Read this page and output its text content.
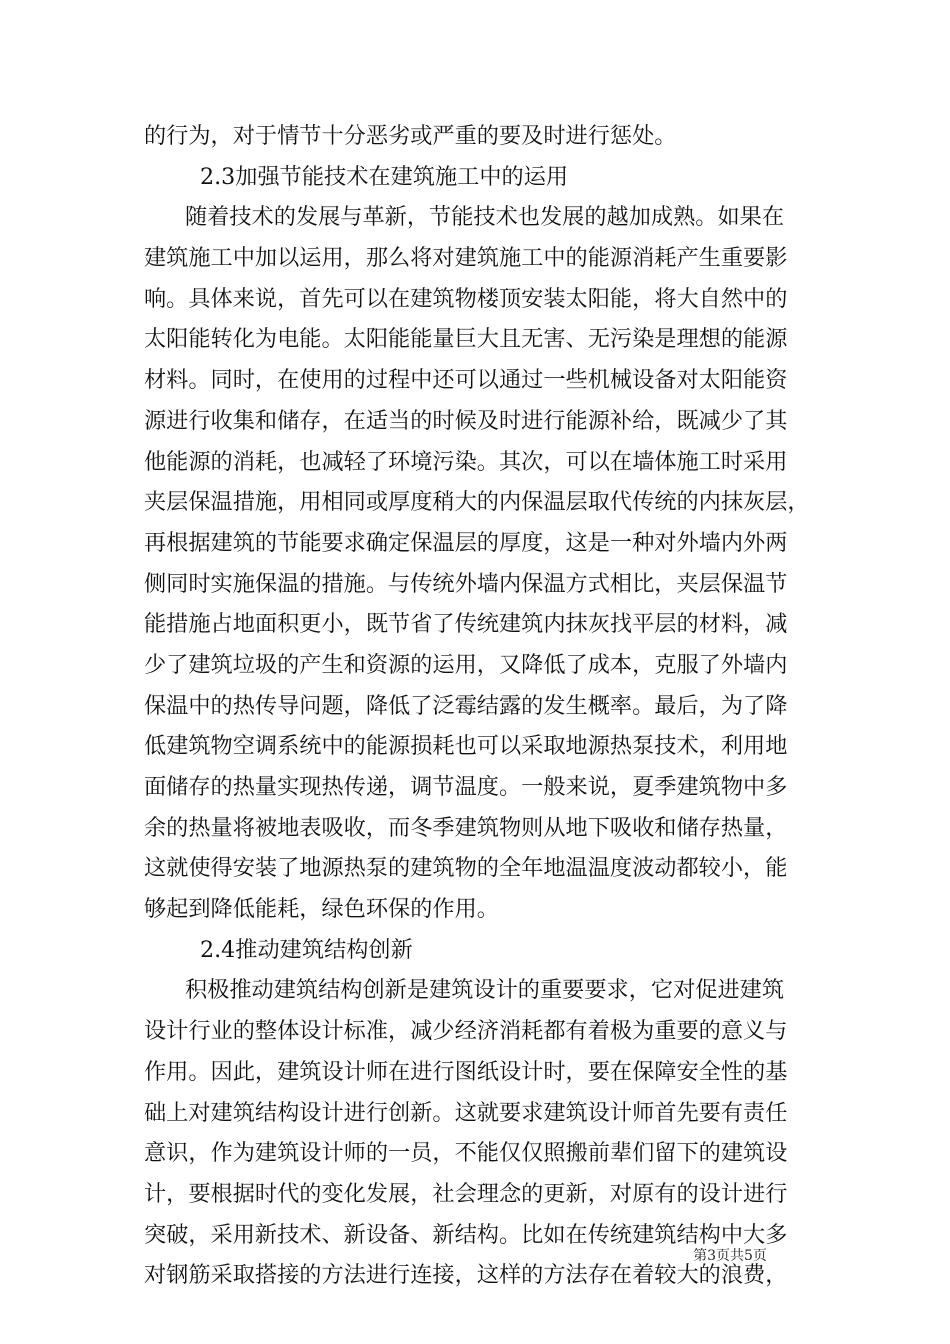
的行为，对于情节十分恶劣或严重的要及时进行惩处。
2.3加强节能技术在建筑施工中的运用
随着技术的发展与革新，节能技术也发展的越加成熟。如果在
建筑施工中加以运用，那么将对建筑施工中的能源消耗产生重要影
响。具体来说，首先可以在建筑物楼顶安装太阳能，将大自然中的
太阳能转化为电能。太阳能能量巨大且无害、无污染是理想的能源
材料。同时，在使用的过程中还可以通过一些机械设备对太阳能资
源进行收集和储存，在适当的时候及时进行能源补给，既减少了其
他能源的消耗，也减轻了环境污染。其次，可以在墙体施工时采用
夹层保温措施，用相同或厚度稍大的内保温层取代传统的内抹灰层，
再根据建筑的节能要求确定保温层的厚度，这是一种对外墙内外两
侧同时实施保温的措施。与传统外墙内保温方式相比，夹层保温节
能措施占地面积更小，既节省了传统建筑内抹灰找平层的材料，减
少了建筑垃圾的产生和资源的运用，又降低了成本，克服了外墙内
保温中的热传导问题，降低了泛霉结露的发生概率。最后，为了降
低建筑物空调系统中的能源损耗也可以采取地源热泵技术，利用地
面储存的热量实现热传递，调节温度。一般来说，夏季建筑物中多
余的热量将被地表吸收，而冬季建筑物则从地下吸收和储存热量，
这就使得安装了地源热泵的建筑物的全年地温温度波动都较小，能
够起到降低能耗，绿色环保的作用。
2.4推动建筑结构创新
积极推动建筑结构创新是建筑设计的重要要求，它对促进建筑
设计行业的整体设计标准，减少经济消耗都有着极为重要的意义与
作用。因此，建筑设计师在进行图纸设计时，要在保障安全性的基
础上对建筑结构设计进行创新。这就要求建筑设计师首先要有责任
意识，作为建筑设计师的一员，不能仅仅照搬前辈们留下的建筑设
计，要根据时代的变化发展，社会理念的更新，对原有的设计进行
突破，采用新技术、新设备、新结构。比如在传统建筑结构中大多
对钢筋采取搭接的方法进行连接，这样的方法存在着较大的浪费，
第3页共5页
